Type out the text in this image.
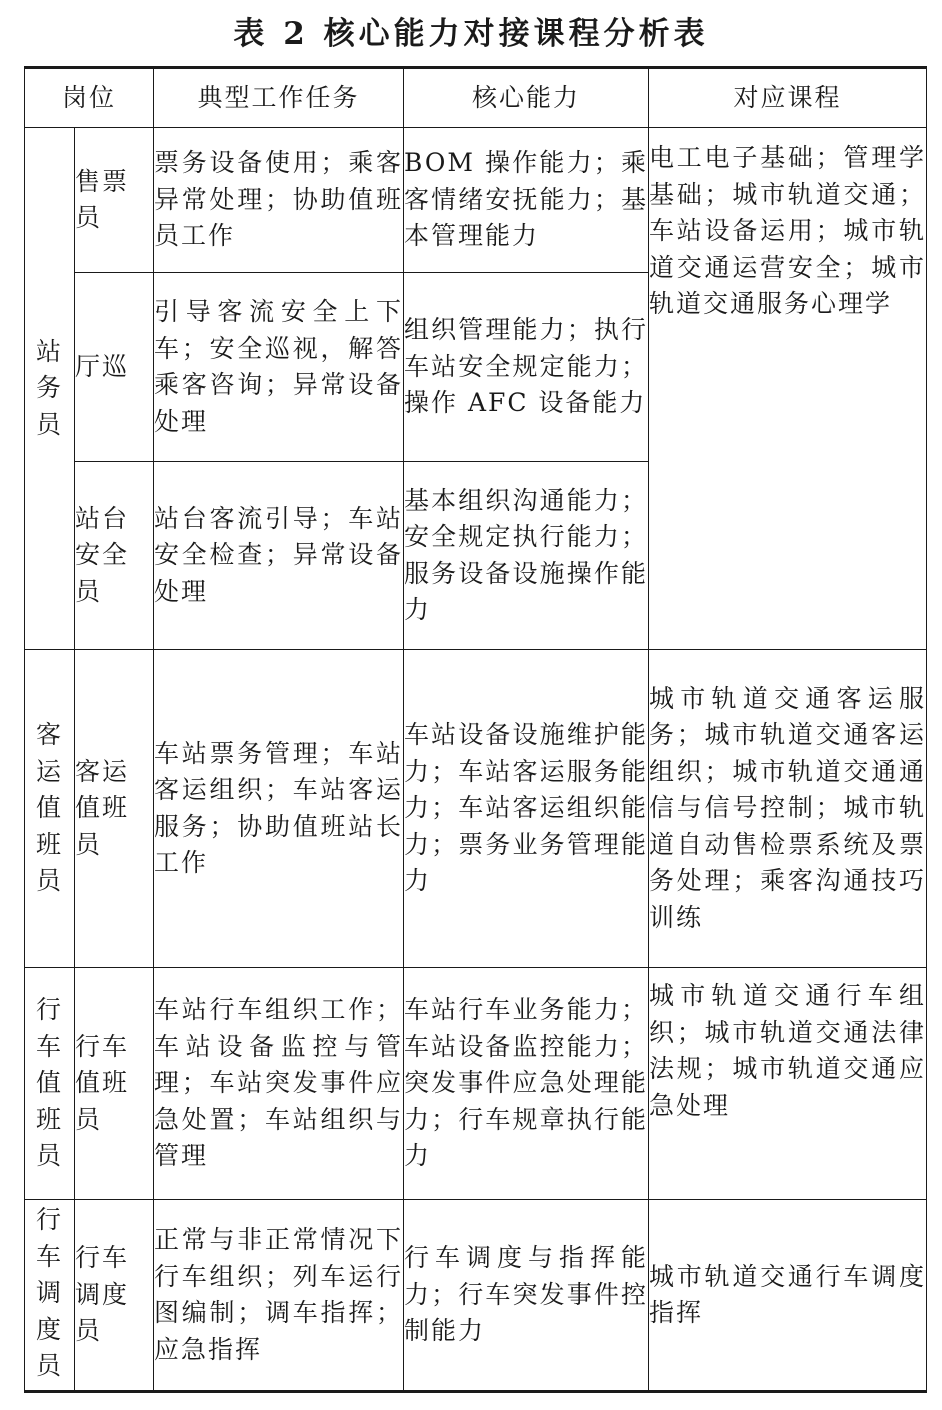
表 2 核心能力对接课程分析表
岗位		典型工作任务	核心能力	对应课程
站务员	售票员	票务设备使用；乘客异常处理；协助值班员工作	BOM 操作能力；乘客情绪安抚能力；基本管理能力	电工电子基础；管理学基础；城市轨道交通；车站设备运用；城市轨道交通运营安全；城市轨道交通服务心理学
	厅巡	引导客流安全上下车；安全巡视，解答乘客咨询；异常设备处理	组织管理能力；执行车站安全规定能力；操作 AFC 设备能力	
	站台安全员	站台客流引导；车站安全检查；异常设备处理	基本组织沟通能力；安全规定执行能力；服务设备设施操作能力	
客运值班员	客运值班员	车站票务管理；车站客运组织；车站客运服务；协助值班站长工作	车站设备设施维护能力；车站客运服务能力；车站客运组织能力；票务业务管理能力	城市轨道交通客运服务；城市轨道交通客运组织；城市轨道交通通信与信号控制；城市轨道自动售检票系统及票务处理；乘客沟通技巧训练
行车值班员	行车值班员	车站行车组织工作；车站设备监控与管理；车站突发事件应急处置；车站组织与管理	车站行车业务能力；车站设备监控能力；突发事件应急处理能力；行车规章执行能力	城市轨道交通行车组织；城市轨道交通法律法规；城市轨道交通应急处理
行车调度员	行车调度员	正常与非正常情况下行车组织；列车运行图编制；调车指挥；应急指挥	行车调度与指挥能力；行车突发事件控制能力	城市轨道交通行车调度指挥
